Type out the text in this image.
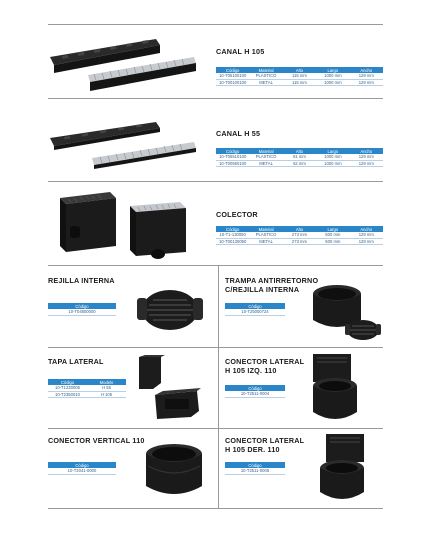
CANAL H 105
Código	Material	Alto	Largo	Ancho
10-T05100100	PLASTICO	115 mm	1000 mm	129 mm
10-T00100100	METAL	115 mm	1000 mm	129 mm
CANAL H 55
Código	Material	Alto	Largo	Ancho
10-T05510100	PLASTICO	61 mm	1000 mm	129 mm
10-T00550100	METAL	62 mm	1000 mm	129 mm
COLECTOR
Código	Material	Alto	Largo	Ancho
10-T1-130050	PLASTICO	273 mm	500 mm	129 mm
10-T00130050	METAL	273 mm	500 mm	129 mm
REJILLA INTERNA
Código
10-T04800000
TRAMPA ANTIRRETORNO
C/REJILLA INTERNA
Código
10-T25000724
TAPA LATERAL
Código	Modelo
10-T1230005	H 55
10-T2350010	H 105
CONECTOR LATERAL
H 105 IZQ. 110
Código
10-T2511-0004
CONECTOR VERTICAL 110
Código
10-T2041-0000
CONECTOR LATERAL
H 105 DER. 110
Código
10-T2511-0005
